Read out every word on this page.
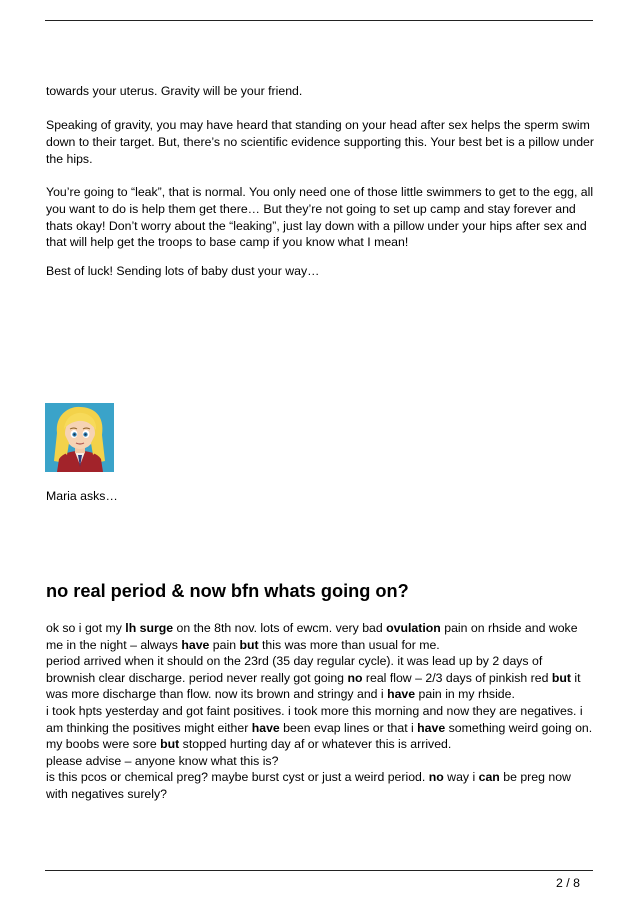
towards your uterus. Gravity will be your friend.

Speaking of gravity, you may have heard that standing on your head after sex helps the sperm swim down to their target. But, there’s no scientific evidence supporting this. Your best bet is a pillow under the hips.

You’re going to “leak”, that is normal. You only need one of those little swimmers to get to the egg, all you want to do is help them get there… But they’re not going to set up camp and stay forever and thats okay! Don’t worry about the “leaking”, just lay down with a pillow under your hips after sex and that will help get the troops to base camp if you know what I mean!

Best of luck! Sending lots of baby dust your way…

Maria asks…

no real period & now bfn whats going on?

ok so i got my lh surge on the 8th nov. lots of ewcm. very bad ovulation pain on rhside and woke me in the night – always have pain but this was more than usual for me.
period arrived when it should on the 23rd (35 day regular cycle). it was lead up by 2 days of brownish clear discharge. period never really got going no real flow – 2/3 days of pinkish red but it was more discharge than flow. now its brown and stringy and i have pain in my rhside.
i took hpts yesterday and got faint positives. i took more this morning and now they are negatives. i am thinking the positives might either have been evap lines or that i have something weird going on. my boobs were sore but stopped hurting day af or whatever this is arrived.
please advise – anyone know what this is?
is this pcos or chemical preg? maybe burst cyst or just a weird period. no way i can be preg now with negatives surely?

2 / 8
